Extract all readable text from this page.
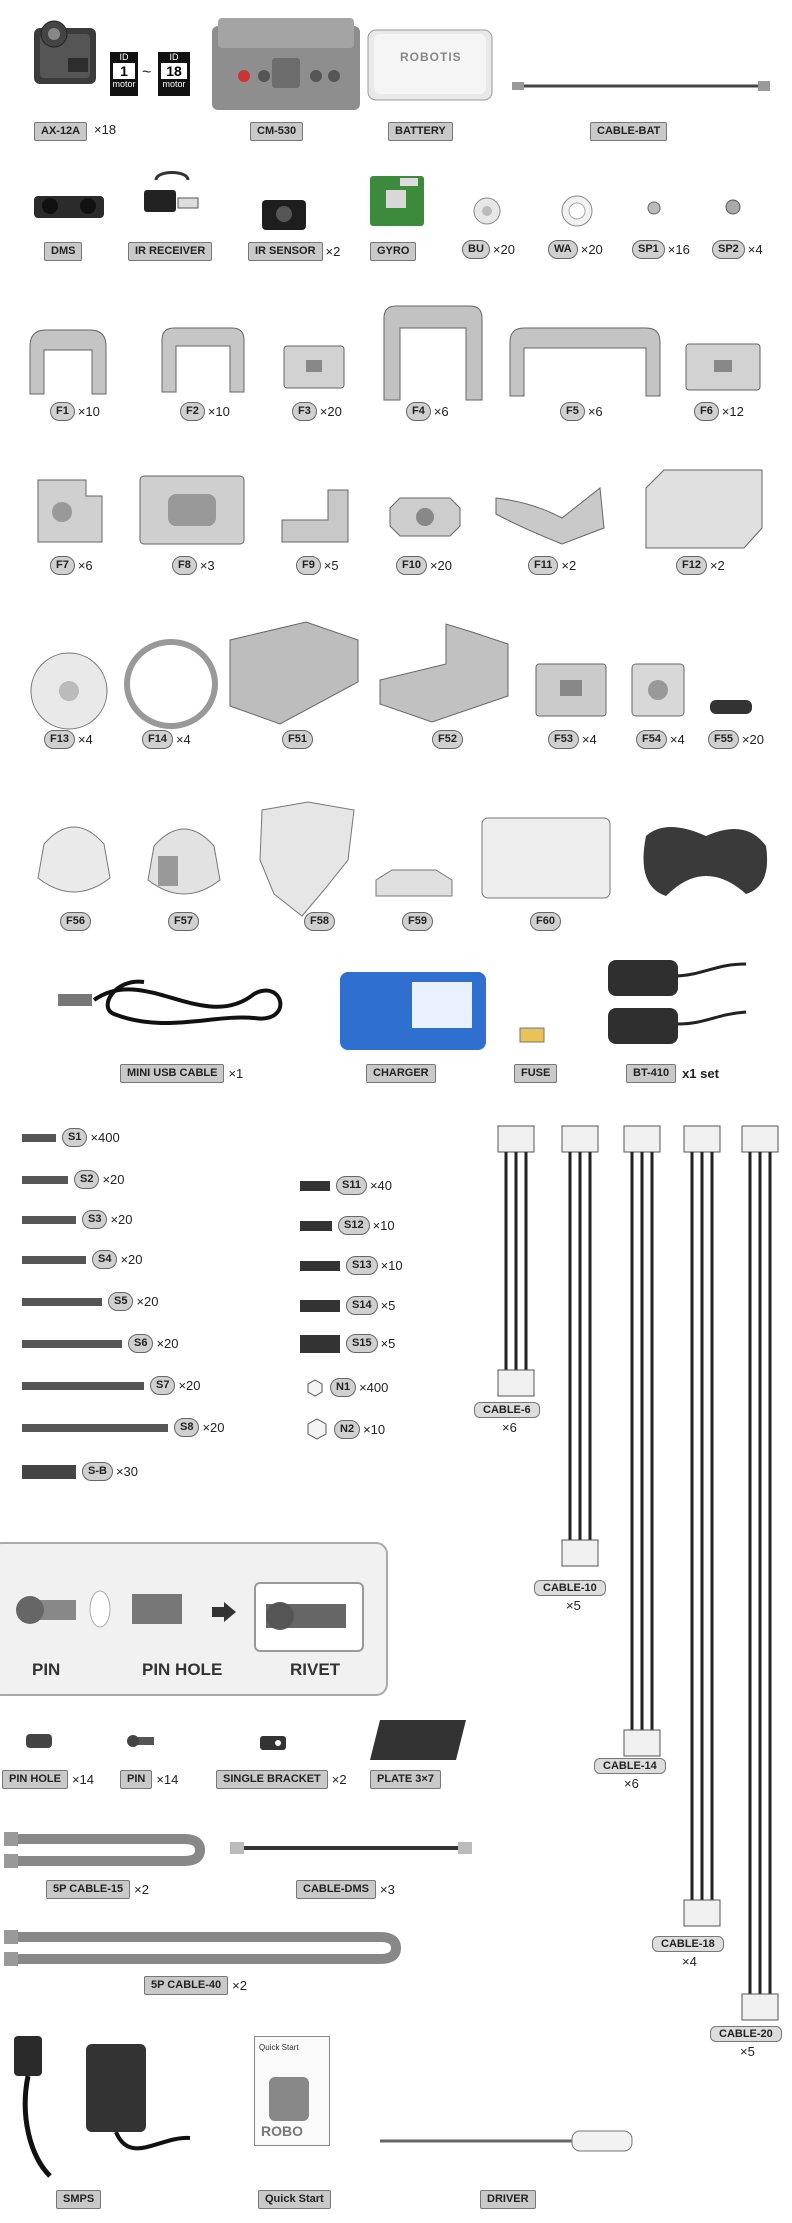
AX-12A	×18
ID
1
motor
~
ID
18
motor
CM-530
ROBOTIS
BATTERY	CABLE-BAT
DMS	IR RECEIVER	IR SENSOR ×2	GYRO	BU ×20	WA ×20	SP1 ×16	SP2 ×4
F1 ×10	F2 ×10	F3 ×20	F4 ×6	F5 ×6	F6 ×12
F7 ×6	F8 ×3	F9 ×5	F10 ×20	F11 ×2	F12 ×2
F13 ×4	F14 ×4	F51	F52	F53 ×4	F54 ×4	F55 ×20
F56	F57	F58	F59	F60
MINI USB CABLE ×1	CHARGER	FUSE	BT-410	x1 set
S1 ×400
S2 ×20
S3 ×20
S4 ×20
S5 ×20
S6 ×20
S7 ×20
S8 ×20
S-B ×30
S11 ×40
S12 ×10
S13 ×10
S14 ×5
S15 ×5
N1 ×400
N2 ×10
CABLE-6
×6
CABLE-10
×5
CABLE-14
×6
CABLE-18
×4
CABLE-20
×5
PIN	PIN HOLE	RIVET
PIN HOLE ×14	PIN ×14	SINGLE BRACKET ×2	PLATE 3×7
5P CABLE-15 ×2	CABLE-DMS ×3
5P CABLE-40 ×2
SMPS
Quick Start
ROBO
Quick Start	DRIVER
